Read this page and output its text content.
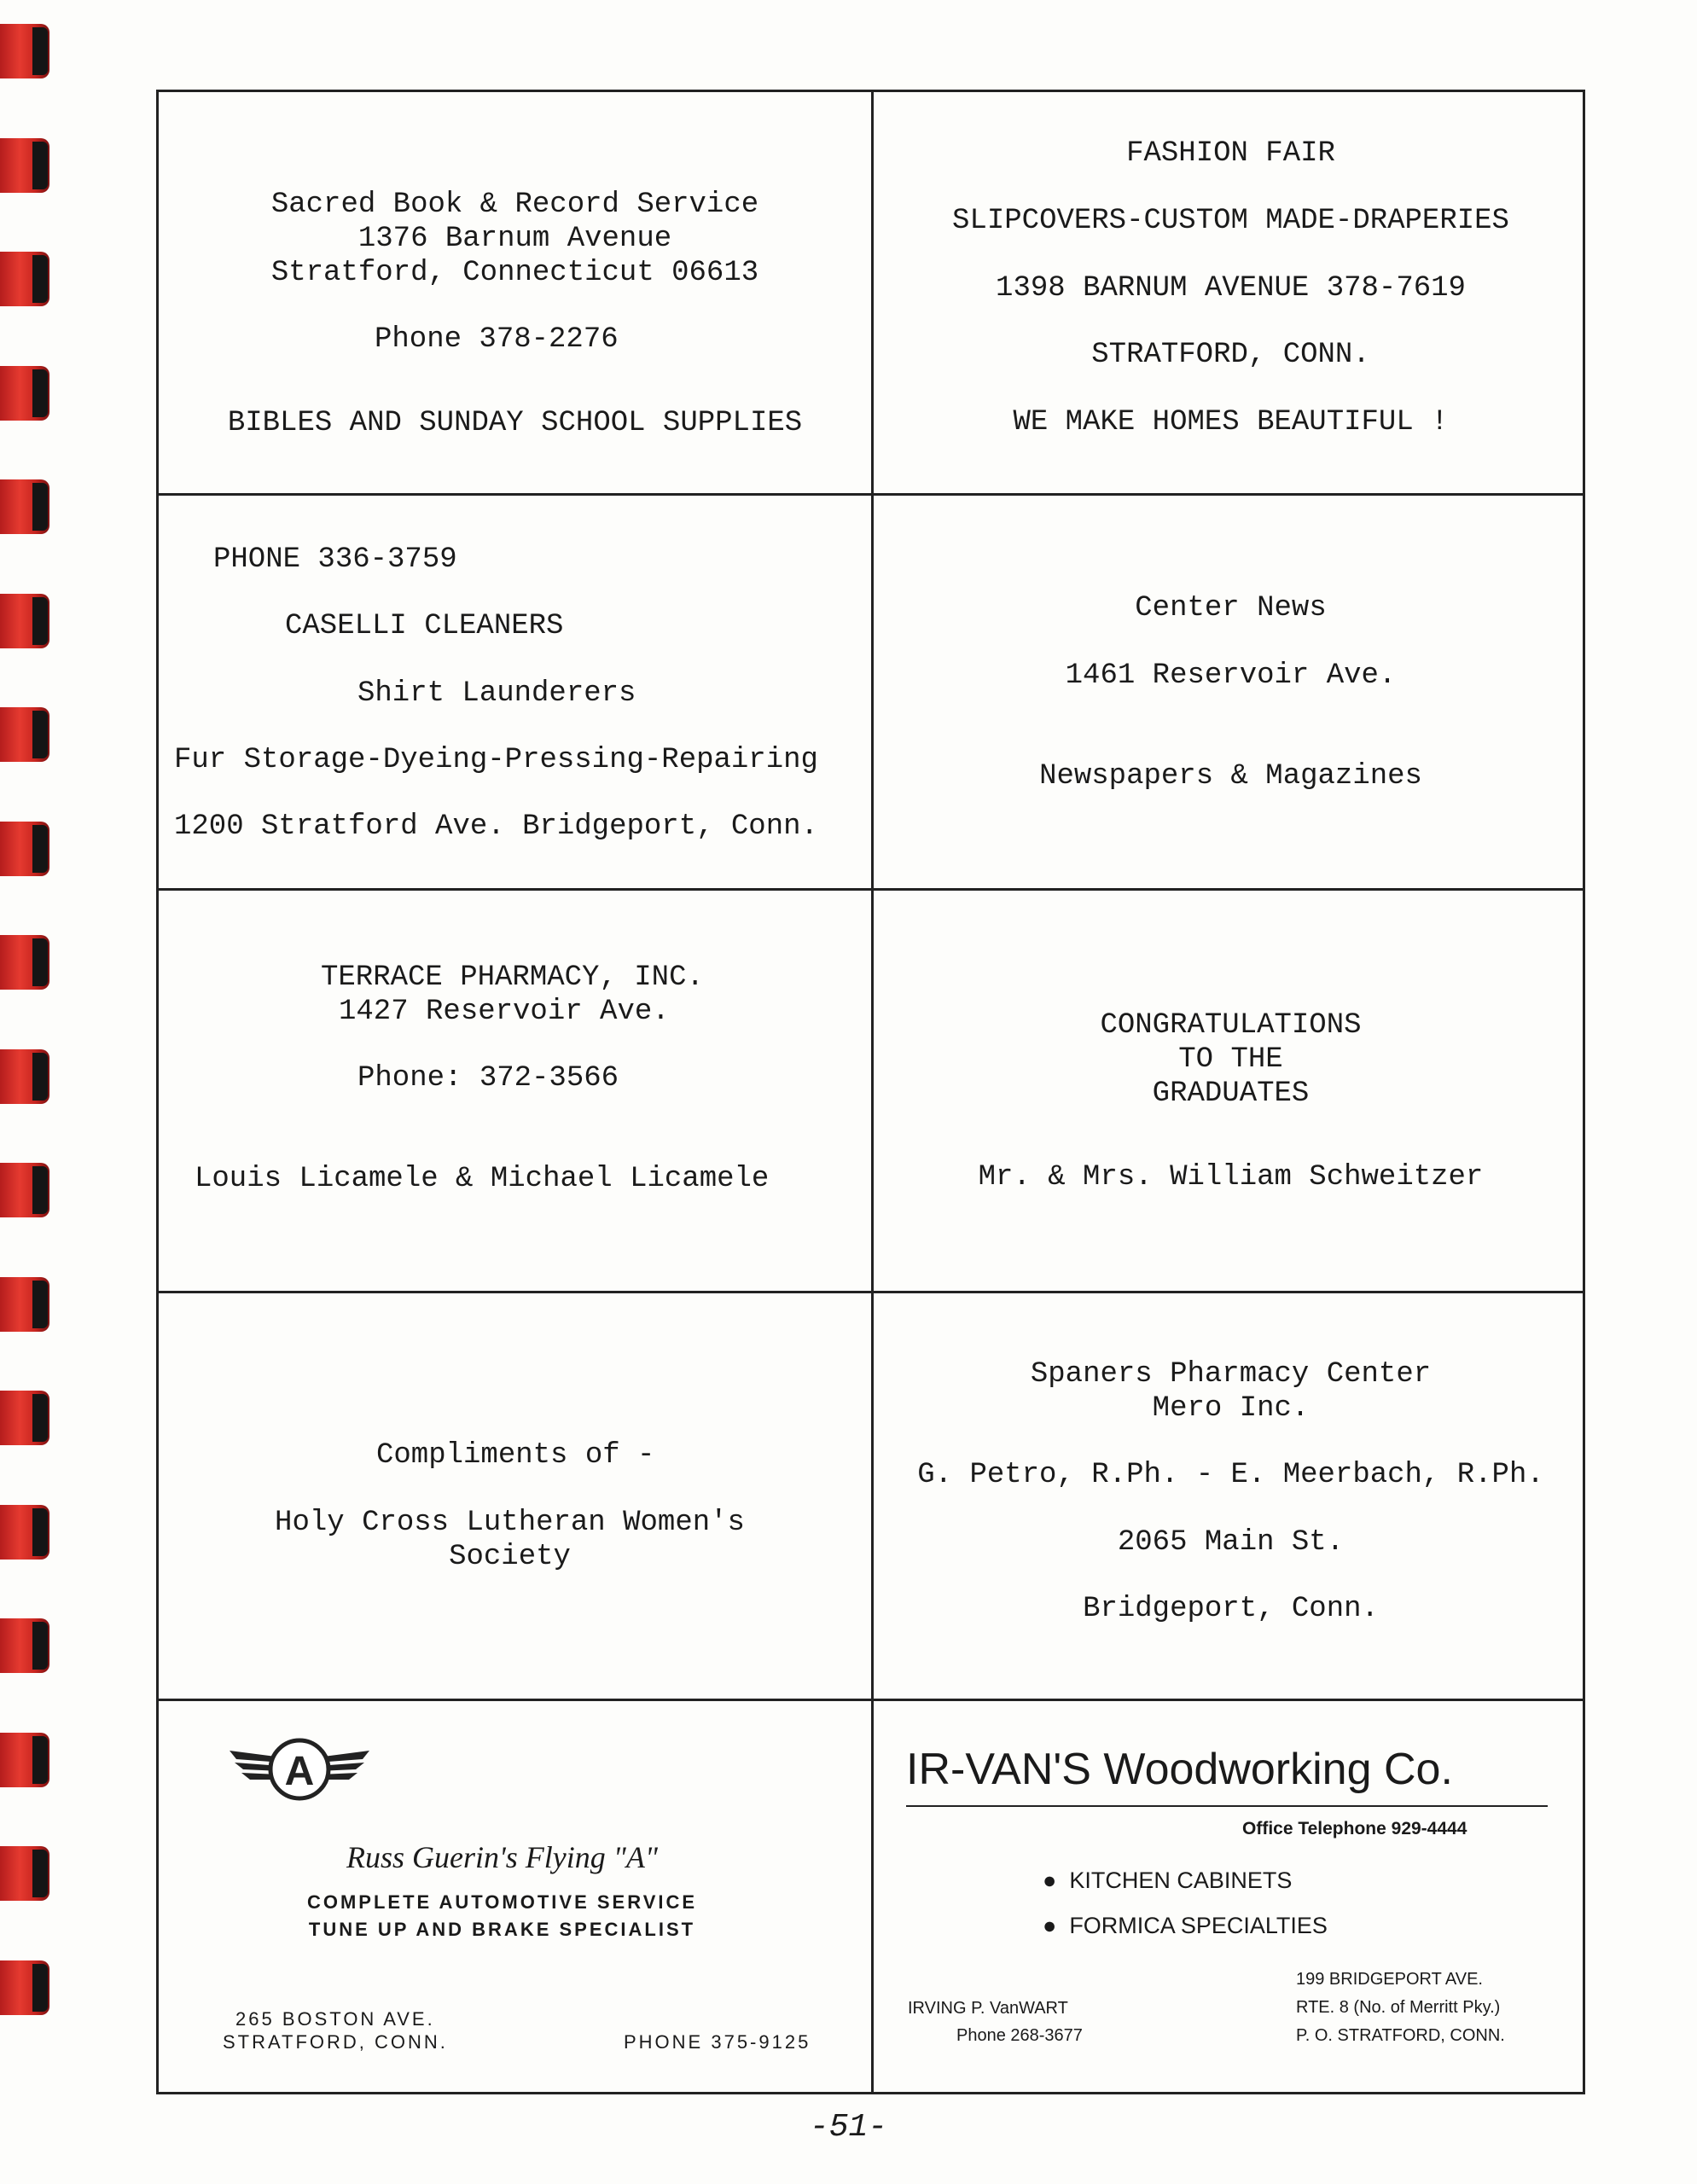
Sacred Book & Record Service
1376 Barnum Avenue
Stratford, Connecticut 06613
Phone 378-2276
BIBLES AND SUNDAY SCHOOL SUPPLIES
FASHION FAIR
SLIPCOVERS-CUSTOM MADE-DRAPERIES
1398 BARNUM AVENUE 378-7619
STRATFORD, CONN.
WE MAKE HOMES BEAUTIFUL !
PHONE 336-3759
CASELLI CLEANERS
Shirt Launderers
Fur Storage-Dyeing-Pressing-Repairing
1200 Stratford Ave. Bridgeport, Conn.
Center News
1461 Reservoir Ave.
Newspapers & Magazines
TERRACE PHARMACY, INC.
1427 Reservoir Ave.
Phone: 372-3566
Louis Licamele & Michael Licamele
CONGRATULATIONS
TO THE
GRADUATES
Mr. & Mrs. William Schweitzer
Compliments of -
Holy Cross Lutheran Women's
Society
Spaners Pharmacy Center
Mero Inc.
G. Petro, R.Ph. - E. Meerbach, R.Ph.
2065 Main St.
Bridgeport, Conn.
A
Russ Guerin's Flying "A"
COMPLETE AUTOMOTIVE SERVICE
TUNE UP AND BRAKE SPECIALIST
265 BOSTON AVE.
STRATFORD, CONN.	PHONE 375-9125
IR-VAN'S Woodworking Co.
Office Telephone 929-4444
●  KITCHEN CABINETS
●  FORMICA SPECIALTIES
IRVING P. VanWART
Phone 268-3677
199 BRIDGEPORT AVE.
RTE. 8 (No. of Merritt Pky.)
P. O. STRATFORD, CONN.
-51-
